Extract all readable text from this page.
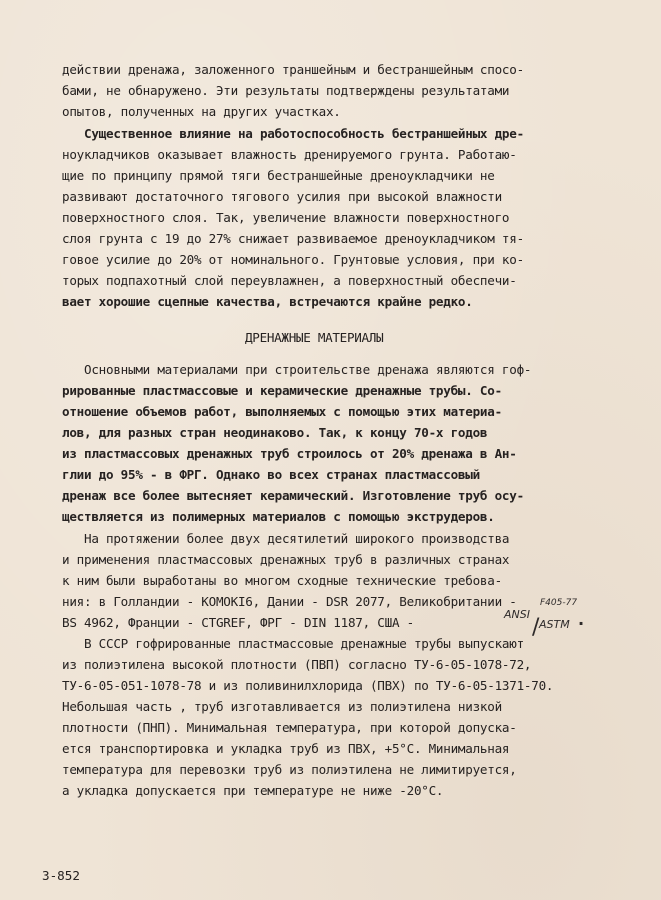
действии дренажа, заложенного траншейным и бестраншейным спосо-
бами, не обнаружено. Эти результаты подтверждены результатами
опытов, полученных на других участках.
Существенное влияние на работоспособность бестраншейных дре-
ноукладчиков оказывает влажность дренируемого грунта. Работаю-
щие по принципу прямой тяги бестраншейные дреноукладчики не
развивают достаточного тягового усилия при высокой влажности
поверхностного слоя. Так, увеличение влажности поверхностного
слоя грунта с 19 до 27% снижает развиваемое дреноукладчиком тя-
говое усилие до 20% от номинального. Грунтовые условия, при ко-
торых подпахотный слой переувлажнен, а поверхностный обеспечи-
вает хорошие сцепные качества, встречаются крайне редко.
ДРЕНАЖНЫЕ МАТЕРИАЛЫ
Основными материалами при строительстве дренажа являются гоф-
рированные пластмассовые и керамические дренажные трубы. Со-
отношение объемов работ, выполняемых с помощью этих материа-
лов, для разных стран неодинаково. Так, к концу 70-х годов
из пластмассовых дренажных труб строилось от 20% дренажа в Ан-
глии до 95% - в ФРГ. Однако во всех странах пластмассовый
дренаж все более вытесняет керамический. Изготовление труб осу-
ществляется из полимерных материалов с помощью экструдеров.
На протяжении более двух десятилетий широкого производства
и применения пластмассовых дренажных труб в различных странах
к ним были выработаны во многом сходные технические требова-
ния: в Голландии - KOMOKI6, Дании - DSR 2077, Великобритании -
BS 4962, Франции - CTGREF, ФРГ - DIN 1187, США -
F405-77
ANSI
/ ASTM .
В СССР гофрированные пластмассовые дренажные трубы выпускают
из полиэтилена высокой плотности (ПВП) согласно ТУ-6-05-1078-72,
ТУ-6-05-051-1078-78 и из поливинилхлорида (ПВХ) по ТУ-6-05-1371-70.
Небольшая часть , труб изготавливается из полиэтилена низкой
плотности (ПНП). Минимальная температура, при которой допуска-
ется транспортировка и укладка труб из ПВХ, +5°С. Минимальная
температура для перевозки труб из полиэтилена не лимитируется,
а укладка допускается при температуре не ниже -20°С.
3-852
